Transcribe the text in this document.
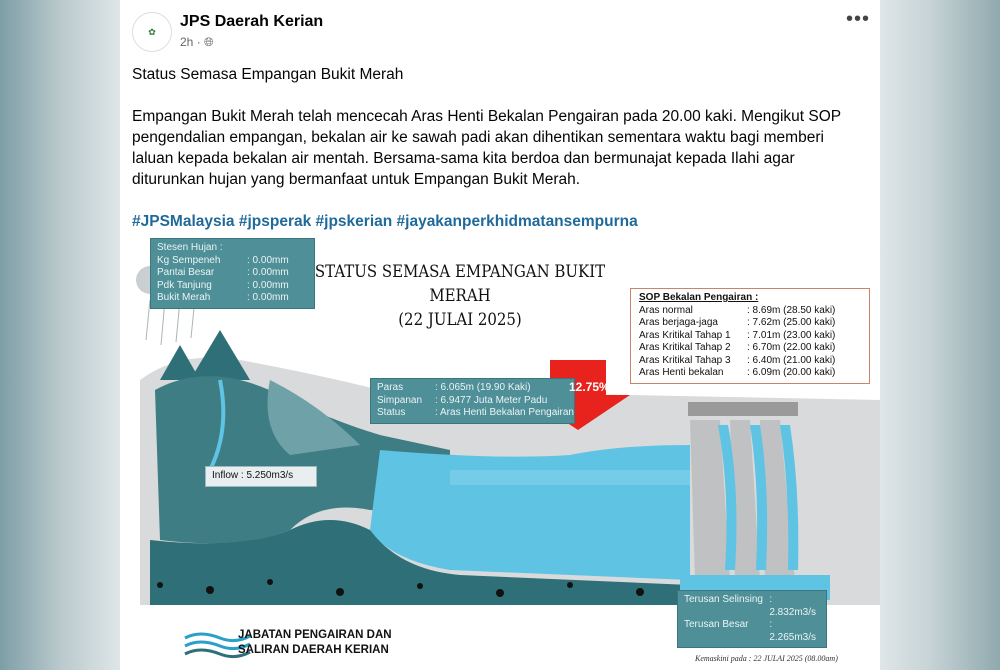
✿
JPS Daerah Kerian
2h · 🌐︎
•••

Status Semasa Empangan Bukit Merah

Empangan Bukit Merah telah mencecah Aras Henti Bekalan Pengairan pada 20.00 kaki. Mengikut SOP pengendalian empangan, bekalan air ke sawah padi akan dihentikan sementara waktu bagi memberi laluan kepada bekalan air mentah. Bersama-sama kita berdoa dan bermunajat kepada Ilahi agar diturunkan hujan yang bermanfaat untuk Empangan Bukit Merah.

#JPSMalaysia #jpsperak #jpskerian #jayakanperkhidmatansempurna

Stesen Hujan :
Kg Sempeneh	: 0.00mm
Pantai Besar	: 0.00mm
Pdk Tanjung	: 0.00mm
Bukit Merah	: 0.00mm
STATUS SEMASA EMPANGAN BUKIT MERAH
(22 JULAI 2025)
SOP Bekalan Pengairan :
Aras normal	: 8.69m (28.50 kaki)
Aras berjaga-jaga	: 7.62m (25.00 kaki)
Aras Kritikal Tahap 1	: 7.01m (23.00 kaki)
Aras Kritikal Tahap 2	: 6.70m (22.00 kaki)
Aras Kritikal Tahap 3	: 6.40m (21.00 kaki)
Aras Henti bekalan	: 6.09m (20.00 kaki)
Paras	: 6.065m (19.90 Kaki)
Simpanan	: 6.9477 Juta Meter Padu
Status	: Aras Henti Bekalan Pengairan
12.75%
Inflow : 5.250m3/s
Terusan Selinsing : 2.832m3/s
Terusan Besar	: 2.265m3/s
JABATAN PENGAIRAN DAN
SALIRAN DAERAH KERIAN
Kemaskini pada : 22 JULAI 2025 (08.00am)
